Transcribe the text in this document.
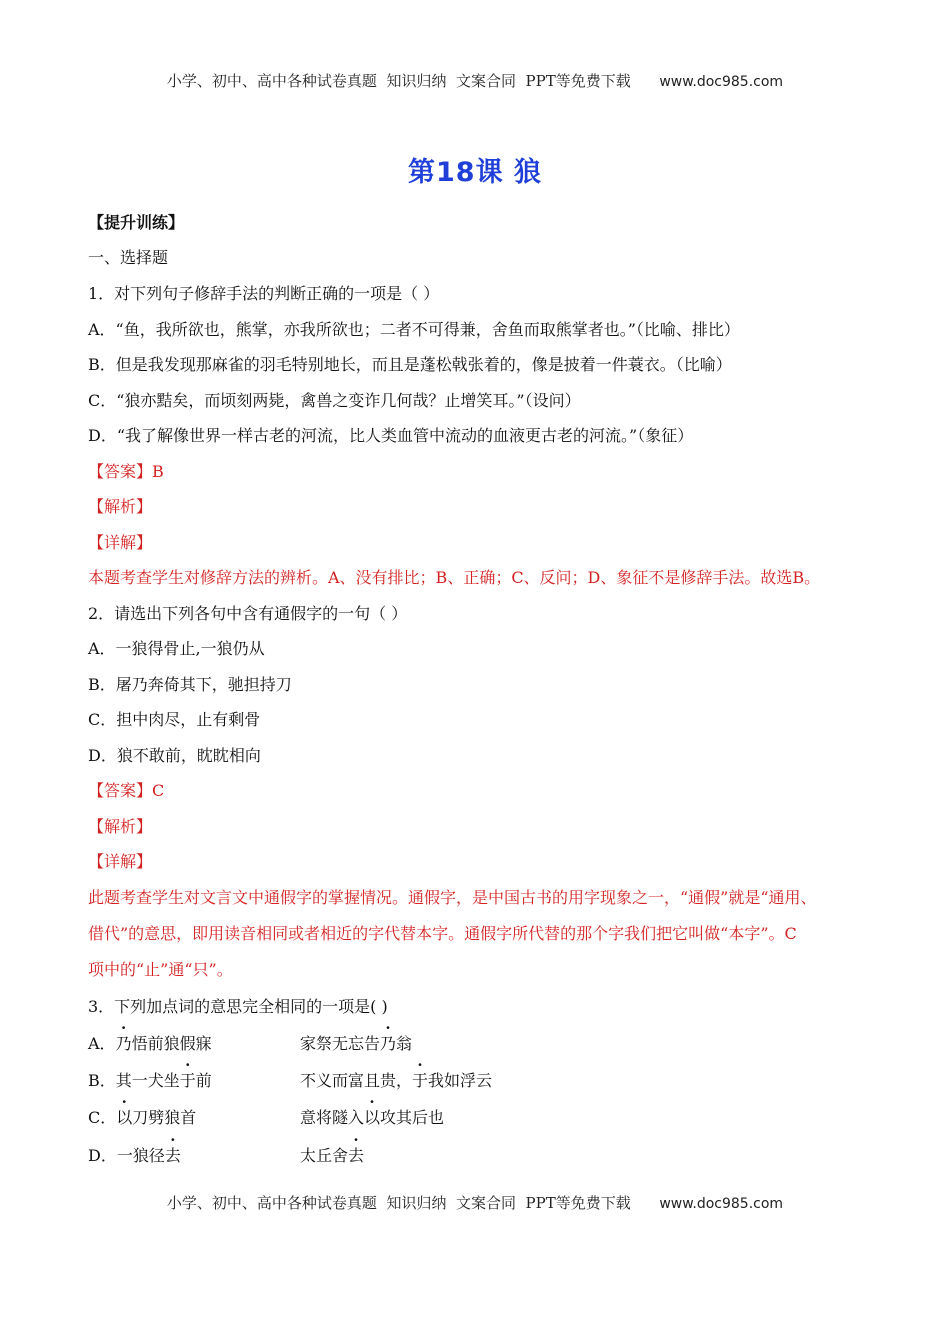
小学、初中、高中各种试卷真题  知识归纳  文案合同  PPT等免费下载 www.doc985.com
第18课 狼
【提升训练】
一、选择题
1．对下列句子修辞手法的判断正确的一项是（ ）
A．“鱼，我所欲也，熊掌，亦我所欲也；二者不可得兼，舍鱼而取熊掌者也。”（比喻、排比）
B．但是我发现那麻雀的羽毛特别地长，而且是蓬松戟张着的，像是披着一件蓑衣。（比喻）
C．“狼亦黠矣，而顷刻两毙，禽兽之变诈几何哉？止增笑耳。”（设问）
D．“我了解像世界一样古老的河流，比人类血管中流动的血液更古老的河流。”（象征）
【答案】B
【解析】
【详解】
本题考查学生对修辞方法的辨析。A、没有排比；B、正确；C、反问；D、象征不是修辞手法。故选B。
2．请选出下列各句中含有通假字的一句（ ）
A．一狼得骨止,一狼仍从
B．屠乃奔倚其下，驰担持刀
C．担中肉尽，止有剩骨
D．狼不敢前，眈眈相向
【答案】C
【解析】
【详解】
此题考查学生对文言文中通假字的掌握情况。通假字，是中国古书的用字现象之一，“通假”就是“通用、
借代”的意思，即用读音相同或者相近的字代替本字。通假字所代替的那个字我们把它叫做“本字”。C
项中的“止”通“只”。
3．下列加点词的意思完全相同的一项是( )
A．乃悟前狼假寐	家祭无忘告乃翁
B．其一犬坐于前	不义而富且贵，于我如浮云
C．以刀劈狼首	意将隧入以攻其后也
D．一狼径去	太丘舍去
小学、初中、高中各种试卷真题  知识归纳  文案合同  PPT等免费下载 www.doc985.com
